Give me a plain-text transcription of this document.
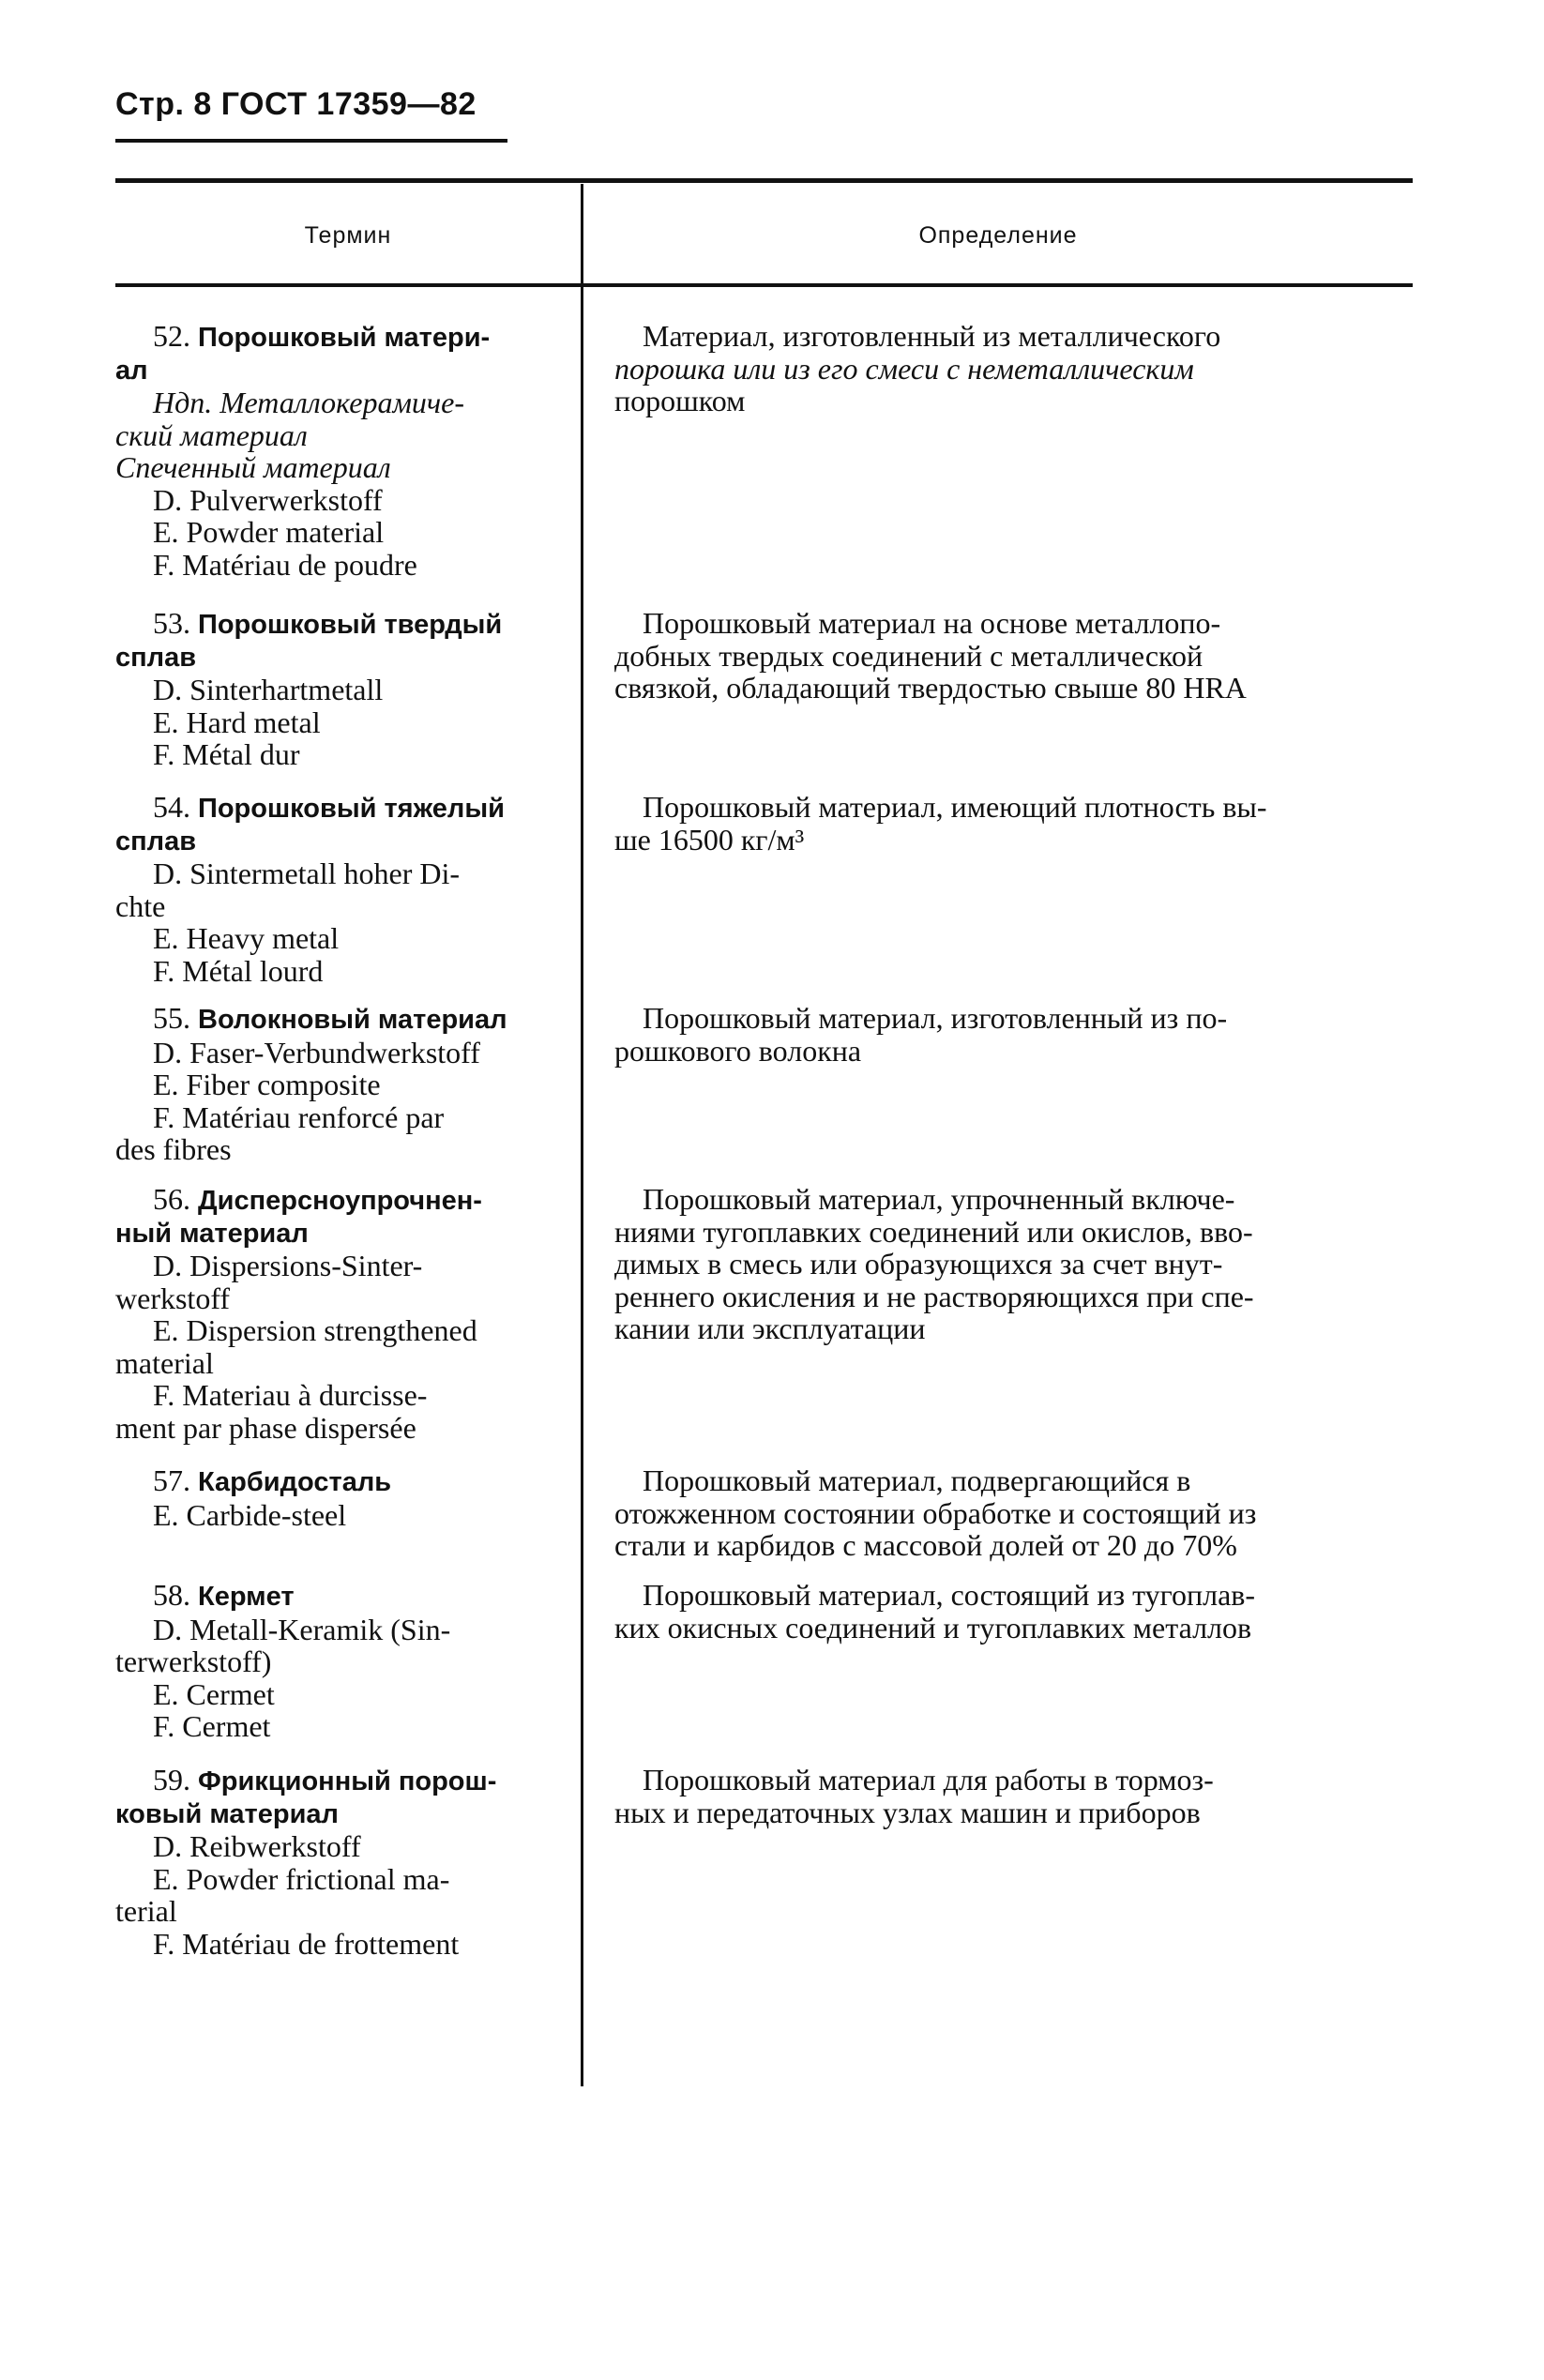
Стр. 8 ГОСТ 17359—82
Термин	Определение
52. Порошковый матери-
ал
Ндп. Металлокерамиче-
ский материал
Спеченный материал
D. Pulverwerkstoff
E. Powder material
F. Matériau de poudre
Материал, изготовленный из металлического
порошка или из его смеси с неметаллическим
порошком
53. Порошковый твердый
сплав
D. Sinterhartmetall
E. Hard metal
F. Métal dur
Порошковый материал на основе металлопо-
добных твердых соединений с металлической
связкой, обладающий твердостью свыше 80 HRA
54. Порошковый тяжелый
сплав
D. Sintermetall hoher Di-
chte
E. Heavy metal
F. Métal lourd
Порошковый материал, имеющий плотность вы-
ше 16500 кг/м³
55. Волокновый материал
D. Faser-Verbundwerkstoff
E. Fiber composite
F. Matériau renforcé par
des fibres
Порошковый материал, изготовленный из по-
рошкового волокна
56. Дисперсноупрочнен-
ный материал
D. Dispersions-Sinter-
werkstoff
E. Dispersion strengthened
material
F. Materiau à durcisse-
ment par phase dispersée
Порошковый материал, упрочненный включе-
ниями тугоплавких соединений или окислов, вво-
димых в смесь или образующихся за счет внут-
реннего окисления и не растворяющихся при спе-
кании или эксплуатации
57. Карбидосталь
E. Carbide-steel
Порошковый материал, подвергающийся в
отожженном состоянии обработке и состоящий из
стали и карбидов с массовой долей от 20 до 70%
58. Кермет
D. Metall-Keramik (Sin-
terwerkstoff)
E. Cermet
F. Cermet
Порошковый материал, состоящий из тугоплав-
ких окисных соединений и тугоплавких металлов
59. Фрикционный порош-
ковый материал
D. Reibwerkstoff
E. Powder frictional ma-
terial
F. Matériau de frottement
Порошковый материал для работы в тормоз-
ных и передаточных узлах машин и приборов
